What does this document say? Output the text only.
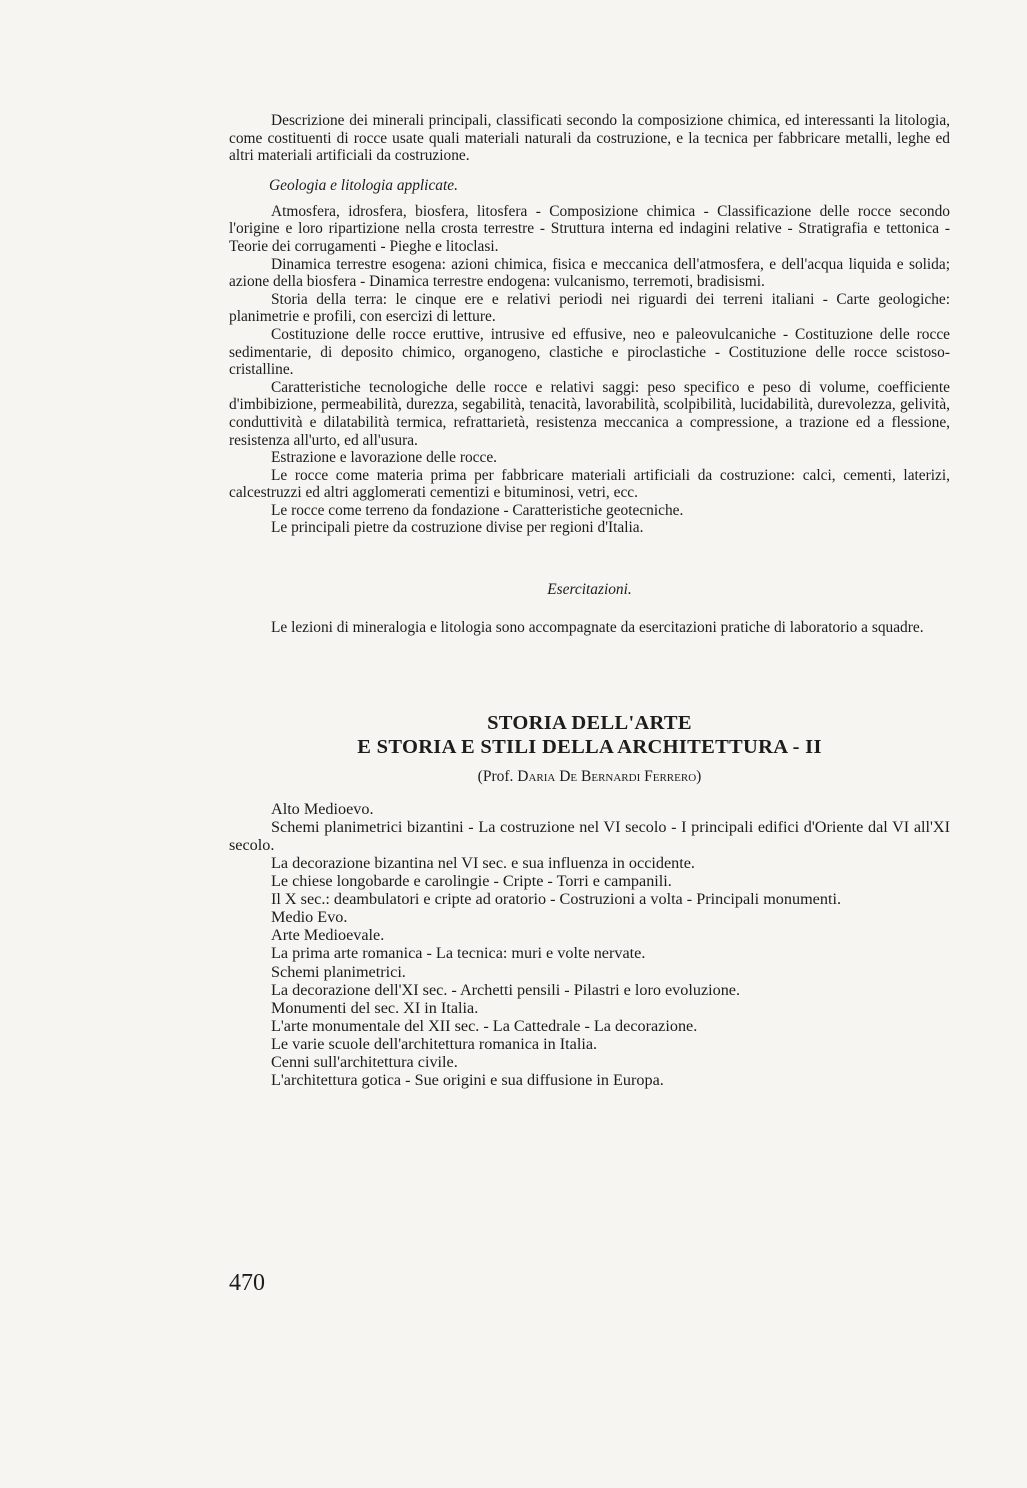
Descrizione dei minerali principali, classificati secondo la composizione chimica, ed interessanti la litologia, come costituenti di rocce usate quali materiali naturali da costruzione, e la tecnica per fabbricare metalli, leghe ed altri materiali artificiali da costruzione.

Geologia e litologia applicate.

Atmosfera, idrosfera, biosfera, litosfera - Composizione chimica - Classificazione delle rocce secondo l'origine e loro ripartizione nella crosta terrestre - Struttura interna ed indagini relative - Stratigrafia e tettonica - Teorie dei corrugamenti - Pieghe e litoclasi.

Dinamica terrestre esogena: azioni chimica, fisica e meccanica dell'atmosfera, e dell'acqua liquida e solida; azione della biosfera - Dinamica terrestre endogena: vulcanismo, terremoti, bradisismi.

Storia della terra: le cinque ere e relativi periodi nei riguardi dei terreni italiani - Carte geologiche: planimetrie e profili, con esercizi di letture.

Costituzione delle rocce eruttive, intrusive ed effusive, neo e paleovulcaniche - Costituzione delle rocce sedimentarie, di deposito chimico, organogeno, clastiche e piroclastiche - Costituzione delle rocce scistoso-cristalline.

Caratteristiche tecnologiche delle rocce e relativi saggi: peso specifico e peso di volume, coefficiente d'imbibizione, permeabilità, durezza, segabilità, tenacità, lavorabilità, scolpibilità, lucidabilità, durevolezza, gelività, conduttività e dilatabilità termica, refrattarietà, resistenza meccanica a compressione, a trazione ed a flessione, resistenza all'urto, ed all'usura.

Estrazione e lavorazione delle rocce.

Le rocce come materia prima per fabbricare materiali artificiali da costruzione: calci, cementi, laterizi, calcestruzzi ed altri agglomerati cementizi e bituminosi, vetri, ecc.

Le rocce come terreno da fondazione - Caratteristiche geotecniche.

Le principali pietre da costruzione divise per regioni d'Italia.

Esercitazioni.

Le lezioni di mineralogia e litologia sono accompagnate da esercitazioni pratiche di laboratorio a squadre.

STORIA DELL'ARTE
E STORIA E STILI DELLA ARCHITETTURA - II

(Prof. Daria De Bernardi Ferrero)

Alto Medioevo.

Schemi planimetrici bizantini - La costruzione nel VI secolo - I principali edifici d'Oriente dal VI all'XI secolo.

La decorazione bizantina nel VI sec. e sua influenza in occidente.

Le chiese longobarde e carolingie - Cripte - Torri e campanili.

Il X sec.: deambulatori e cripte ad oratorio - Costruzioni a volta - Principali monumenti.

Medio Evo.

Arte Medioevale.

La prima arte romanica - La tecnica: muri e volte nervate.

Schemi planimetrici.

La decorazione dell'XI sec. - Archetti pensili - Pilastri e loro evoluzione.

Monumenti del sec. XI in Italia.

L'arte monumentale del XII sec. - La Cattedrale - La decorazione.

Le varie scuole dell'architettura romanica in Italia.

Cenni sull'architettura civile.

L'architettura gotica - Sue origini e sua diffusione in Europa.

470
